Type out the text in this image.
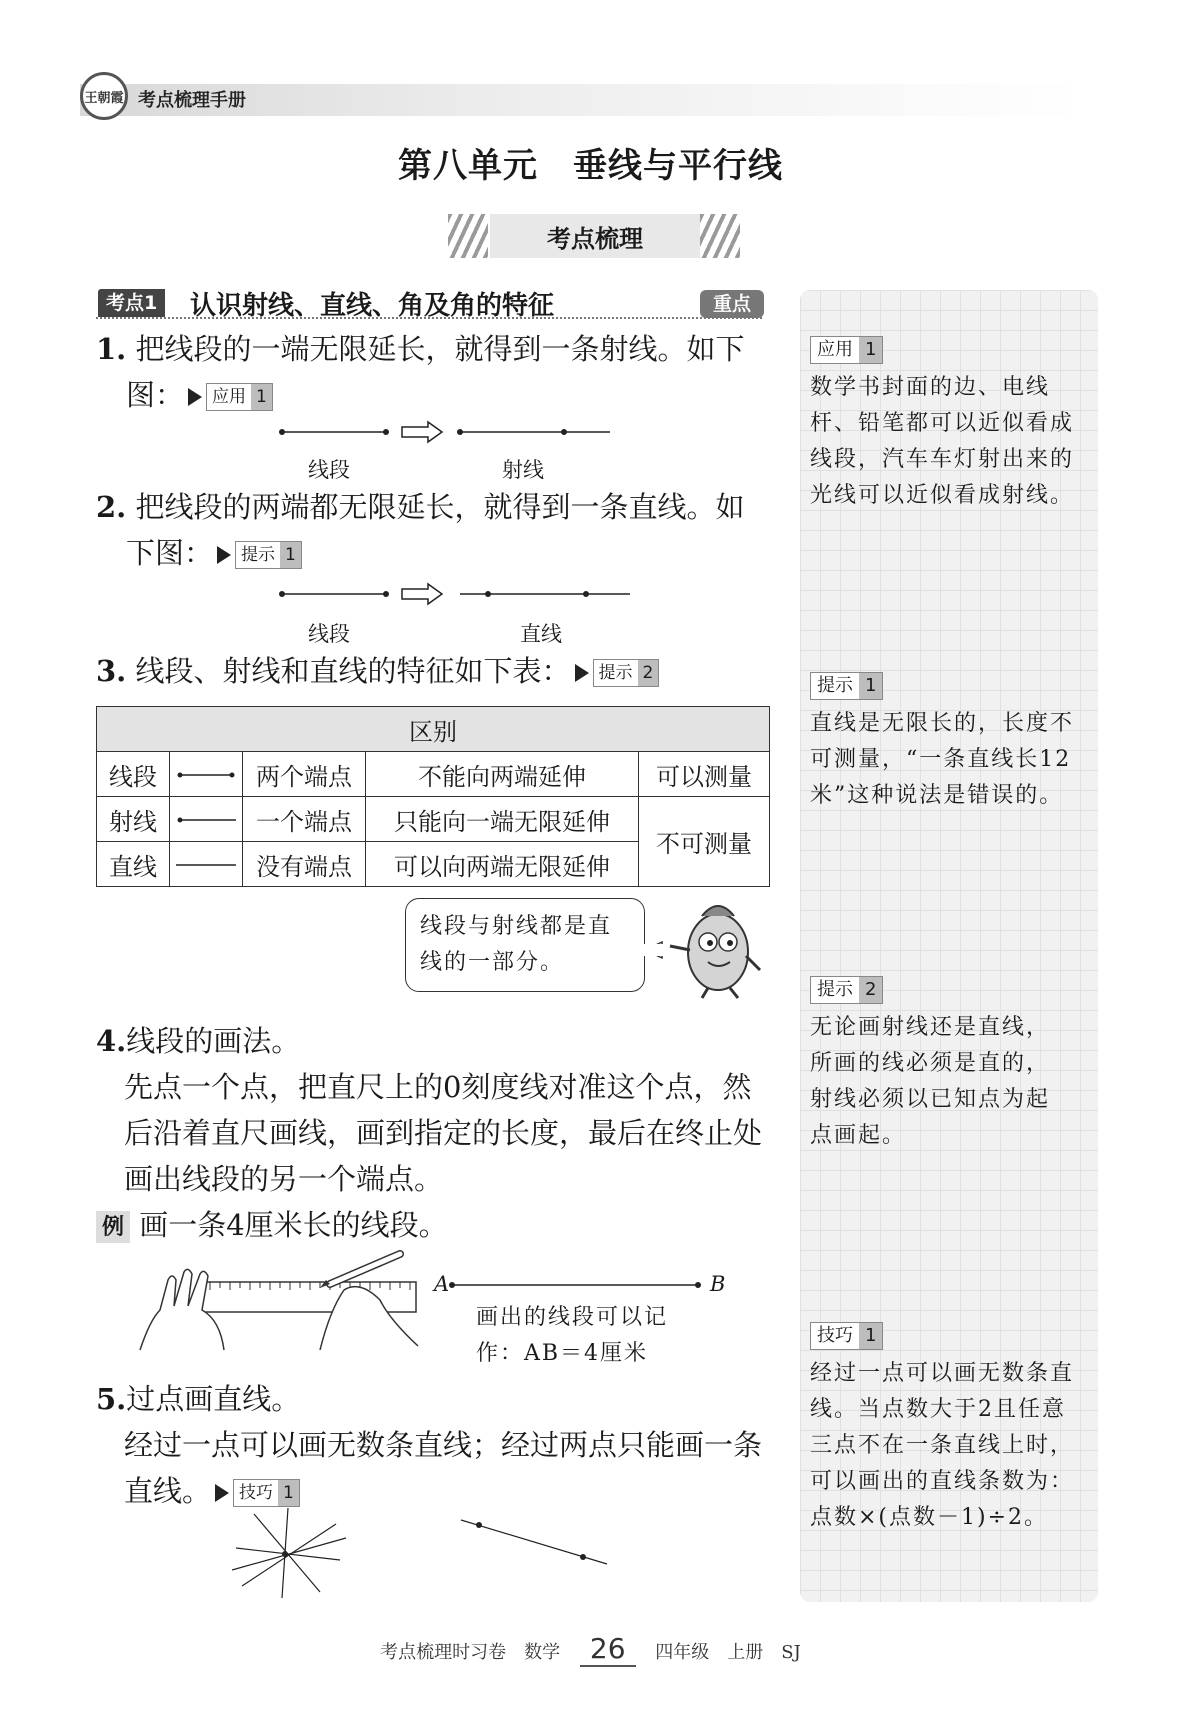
王朝霞 考点梳理手册
第八单元　垂线与平行线
考点梳理
考点1	认识射线、直线、角及角的特征	重点
1. 把线段的一端无限延长，就得到一条射线。如下
图： 应用 1
线段	射线
2. 把线段的两端都无限延长，就得到一条直线。如
下图： 提示 1
线段	直线
3. 线段、射线和直线的特征如下表： 提示 2
区别				
线段		两个端点	不能向两端延伸	可以测量
射线		一个端点	只能向一端无限延伸	不可测量
直线		没有端点	可以向两端无限延伸	
线段与射线都是直
线的一部分。
4.线段的画法。
先点一个点，把直尺上的0刻度线对准这个点，然
后沿着直尺画线，画到指定的长度，最后在终止处
画出线段的另一个端点。
例 画一条4厘米长的线段。
A	B
画出的线段可以记
作：AB＝4厘米
5.过点画直线。
经过一点可以画无数条直线；经过两点只能画一条
直线。 技巧 1
应用 1
数学书封面的边、电线
杆、铅笔都可以近似看成
线段，汽车车灯射出来的
光线可以近似看成射线。
提示 1
直线是无限长的，长度不
可测量，“一条直线长12
米”这种说法是错误的。
提示 2
无论画射线还是直线，
所画的线必须是直的，
射线必须以已知点为起
点画起。
技巧 1
经过一点可以画无数条直
线。当点数大于2且任意
三点不在一条直线上时，
可以画出的直线条数为：
点数×(点数－1)÷2。
考点梳理时习卷　数学 26 四年级　上册　SJ
